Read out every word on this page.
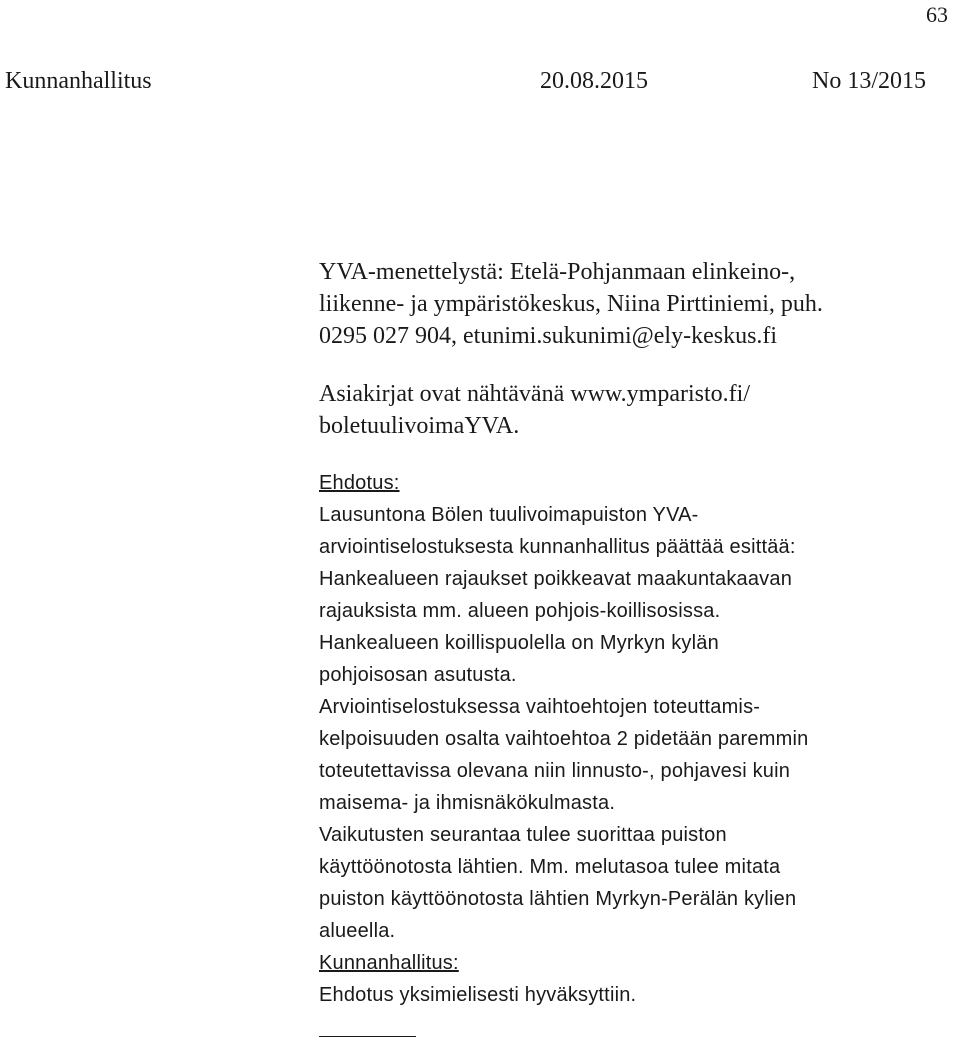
63
Kunnanhallitus	20.08.2015	No 13/2015
YVA-menettelystä: Etelä-Pohjanmaan elinkeino-,
liikenne- ja ympäristökeskus, Niina Pirttiniemi, puh.
0295 027 904, etunimi.sukunimi@ely-keskus.fi
Asiakirjat ovat nähtävänä www.ymparisto.fi/
boletuulivoimaYVA.
Ehdotus:
Lausuntona Bölen tuulivoimapuiston YVA-
arviointiselostuksesta kunnanhallitus päättää esittää:
Hankealueen rajaukset poikkeavat maakuntakaavan
rajauksista mm. alueen pohjois-koillisosissa.
Hankealueen koillispuolella on Myrkyn kylän
pohjoisosan asutusta.
Arviointiselostuksessa vaihtoehtojen toteuttamis-
kelpoisuuden osalta vaihtoehtoa 2 pidetään paremmin
toteutettavissa olevana niin linnusto-, pohjavesi kuin
maisema- ja ihmisnäkökulmasta.
Vaikutusten seurantaa tulee suorittaa puiston
käyttöönotosta lähtien. Mm. melutasoa tulee mitata
puiston käyttöönotosta lähtien Myrkyn-Perälän kylien
alueella.
Kunnanhallitus:
Ehdotus yksimielisesti hyväksyttiin.
